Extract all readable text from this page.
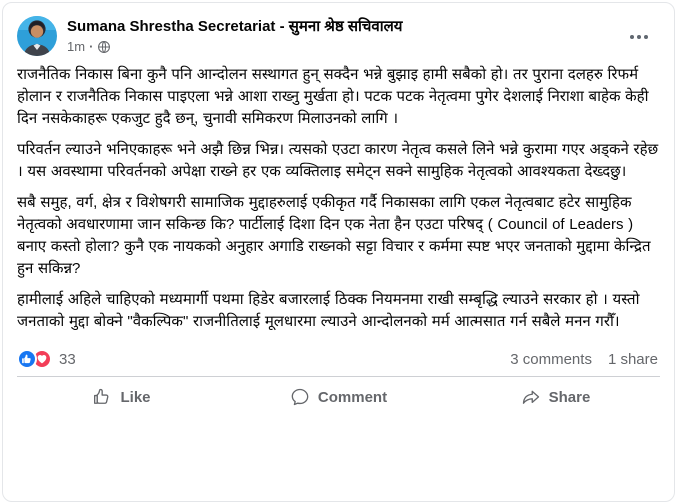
Sumana Shrestha Secretariat - सुमना श्रेष्ठ सचिवालय
1m ·

राजनैतिक निकास बिना कुनै पनि आन्दोलन सस्थागत हुन् सक्दैन भन्ने बुझाइ हामी सबैको हो। तर पुराना दलहरु रिफर्म होलान र राजनैतिक निकास पाइएला भन्ने आशा राख्नु मुर्खता हो। पटक पटक नेतृत्वमा पुगेर देशलाई निराशा बाहेक केही दिन नसकेकाहरू एकजुट हुदै छन्, चुनावी समिकरण मिलाउनको लागि ।

परिवर्तन ल्याउने भनिएकाहरू भने अझै छिन्न भिन्न। त्यसको एउटा कारण नेतृत्व कसले लिने भन्ने कुरामा गएर अड्कने रहेछ । यस अवस्थामा परिवर्तनको अपेक्षा राख्ने हर एक व्यक्तिलाइ समेट्न सक्ने सामुहिक नेतृत्वको आवश्यकता देख्दछु।

सबै समुह, वर्ग, क्षेत्र र विशेषगरी सामाजिक मुद्दाहरुलाई एकीकृत गर्दै निकासका लागि एकल नेतृत्वबाट हटेर सामुहिक नेतृत्वको अवधारणामा जान सकिन्छ कि? पार्टीलाई दिशा दिन एक नेता हैन एउटा परिषद् ( Council of Leaders ) बनाए कस्तो होला? कुनै एक नायकको अनुहार अगाडि राख्नको सट्टा विचार र कर्ममा स्पष्ट भएर जनताको मुद्दामा केन्द्रित हुन सकिन्न?

हामीलाई अहिले चाहिएको मध्यमार्गी पथमा हिडेर बजारलाई ठिक्क नियमनमा राखी सम्बृद्धि ल्याउने सरकार हो । यस्तो जनताको मुद्दा बोक्ने "वैकल्पिक" राजनीतिलाई मूलधारमा ल्याउने आन्दोलनको मर्म आत्मसात गर्न सबैले मनन गरौँ।

33	3 comments 1 share
Like	Comment	Share
